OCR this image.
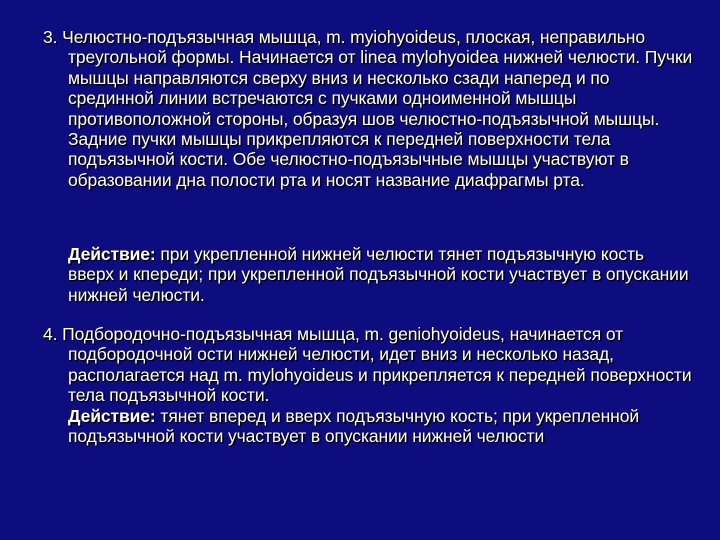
3. Челюстно-подъязычная мышца, m. myiohyoideus, плоская, неправильно треугольной формы. Начинается от linea mylohyoidea нижней челюсти. Пучки мышцы направляются сверху вниз и несколько сзади наперед и по срединной линии встречаются с пучками одноименной мышцы противоположной стороны, образуя шов челюстно-подъязычной мышцы. Задние пучки мышцы прикрепляются к передней поверхности тела подъязычной кости. Обе челюстно-подъязычные мышцы участвуют в образовании дна полости рта и носят название диафрагмы рта.

Действие: при укрепленной нижней челюсти тянет подъязычную кость вверх и кпереди; при укрепленной подъязычной кости участвует в опускании нижней челюсти.

4. Подбородочно-подъязычная мышца, m. geniohyoideus, начинается от подбородочной ости нижней челюсти, идет вниз и несколько назад, располагается над m. mylohyoideus и прикрепляется к передней поверхности тела подъязычной кости.

Действие: тянет вперед и вверх подъязычную кость; при укрепленной подъязычной кости участвует в опускании нижней челюсти
